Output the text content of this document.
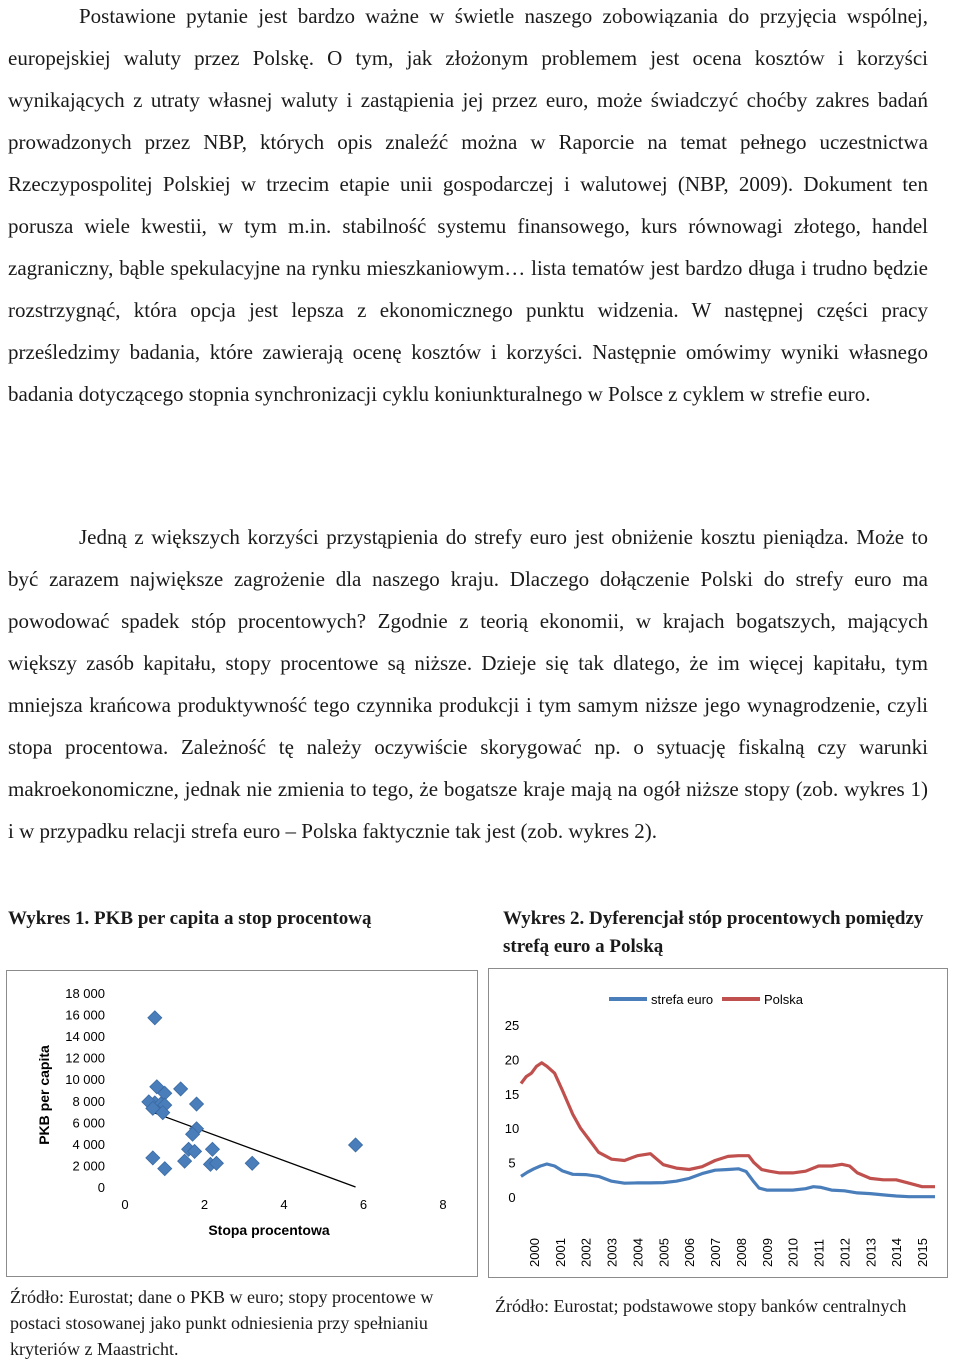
Postawione pytanie jest bardzo ważne w świetle naszego zobowiązania do przyjęcia wspólnej, europejskiej waluty przez Polskę. O tym, jak złożonym problemem jest ocena kosztów i korzyści wynikających z utraty własnej waluty i zastąpienia jej przez euro, może świadczyć choćby zakres badań prowadzonych przez NBP, których opis znaleźć można w Raporcie na temat pełnego uczestnictwa Rzeczypospolitej Polskiej w trzecim etapie unii gospodarczej i walutowej (NBP, 2009). Dokument ten porusza wiele kwestii, w tym m.in. stabilność systemu finansowego, kurs równowagi złotego, handel zagraniczny, bąble spekulacyjne na rynku mieszkaniowym… lista tematów jest bardzo długa i trudno będzie rozstrzygnąć, która opcja jest lepsza z ekonomicznego punktu widzenia. W następnej części pracy prześledzimy badania, które zawierają ocenę kosztów i korzyści. Następnie omówimy wyniki własnego badania dotyczącego stopnia synchronizacji cyklu koniunkturalnego w Polsce z cyklem w strefie euro.
Jedną z większych korzyści przystąpienia do strefy euro jest obniżenie kosztu pieniądza. Może to być zarazem największe zagrożenie dla naszego kraju. Dlaczego dołączenie Polski do strefy euro ma powodować spadek stóp procentowych? Zgodnie z teorią ekonomii, w krajach bogatszych, mających większy zasób kapitału, stopy procentowe są niższe. Dzieje się tak dlatego, że im więcej kapitału, tym mniejsza krańcowa produktywność tego czynnika produkcji i tym samym niższe jego wynagrodzenie, czyli stopa procentowa. Zależność tę należy oczywiście skorygować np. o sytuację fiskalną czy warunki makroekonomiczne, jednak nie zmienia to tego, że bogatsze kraje mają na ogół niższe stopy (zob. wykres 1) i w przypadku relacji strefa euro – Polska faktycznie tak jest (zob. wykres 2).
Wykres 1. PKB per capita a stop procentową	Wykres 2. Dyferencjał stóp procentowych pomiędzy strefą euro a Polską
0
2 000
4 000
6 000
8 000
10 000
12 000
14 000
16 000
18 000
0	2	4	6	8
Stopa procentowa
PKB per capita
0
5
10
15
20
25
2000 2001 2002 2003 2004 2005 2006 2007 2008 2009 2010 2011 2012 2013 2014 2015
strefa euro	Polska
Źródło: Eurostat; dane o PKB w euro; stopy procentowe w postaci stosowanej jako punkt odniesienia przy spełnianiu kryteriów z Maastricht.
Źródło: Eurostat; podstawowe stopy banków centralnych
